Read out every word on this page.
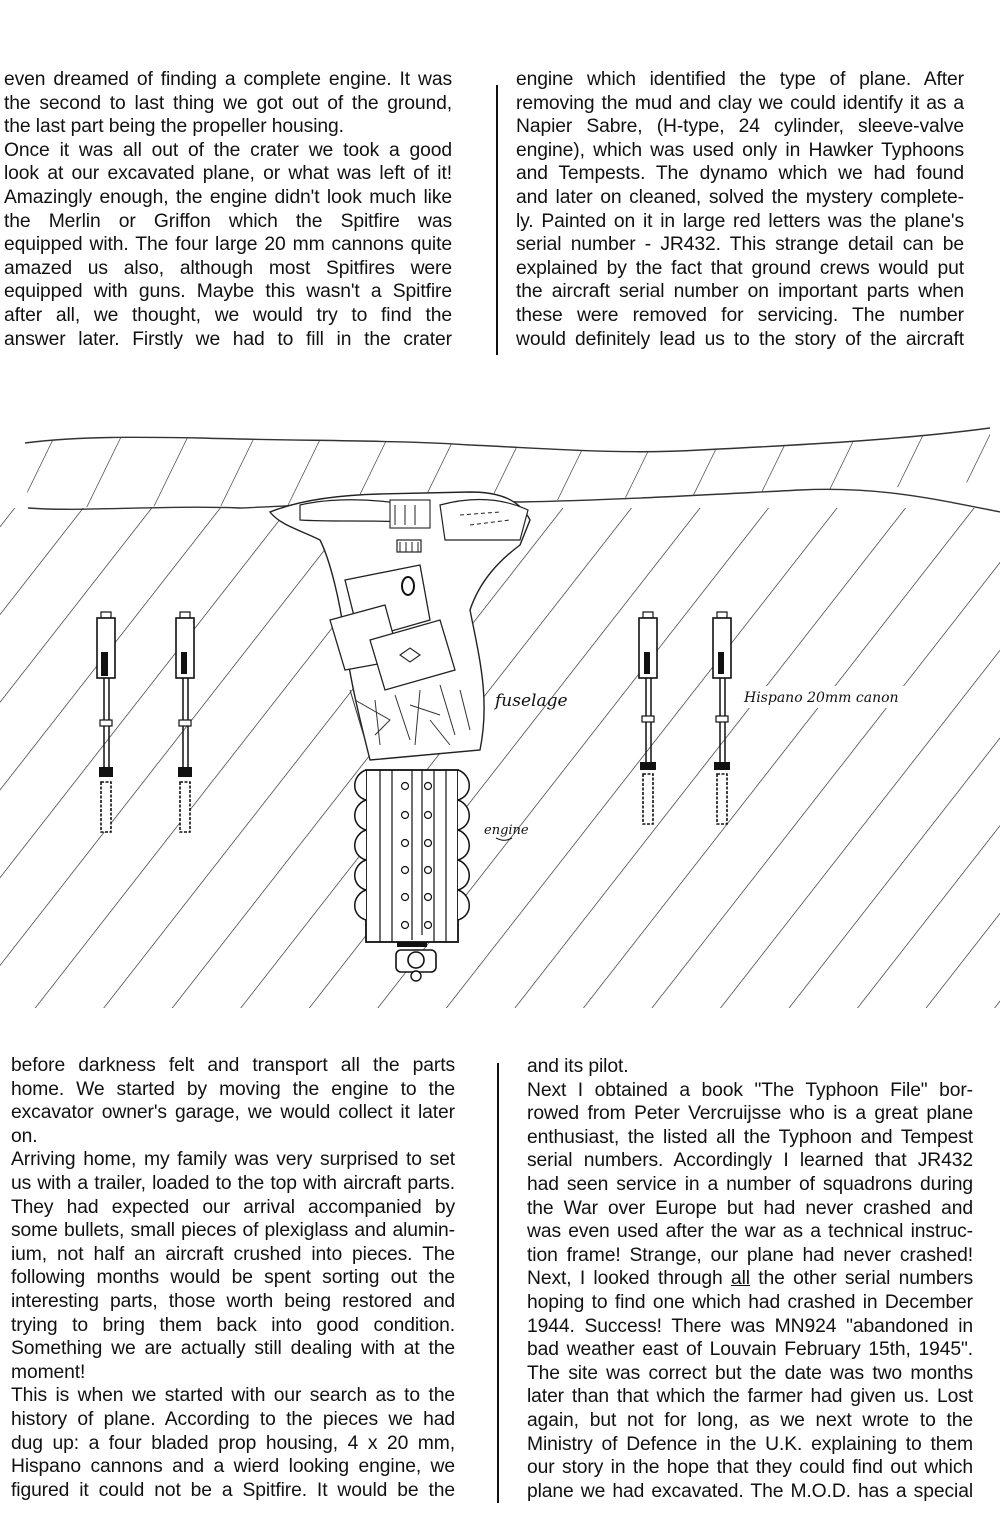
even dreamed of finding a complete engine. It was

the second to last thing we got out of the ground,

the last part being the propeller housing.

Once it was all out of the crater we took a good

look at our excavated plane, or what was left of it!

Amazingly enough, the engine didn't look much like

the Merlin or Griffon which the Spitfire was

equipped with. The four large 20 mm cannons quite

amazed us also, although most Spitfires were

equipped with guns. Maybe this wasn't a Spitfire

after all, we thought, we would try to find the

answer later. Firstly we had to fill in the crater

engine which identified the type of plane. After

removing the mud and clay we could identify it as a

Napier Sabre, (H-type, 24 cylinder, sleeve-valve

engine), which was used only in Hawker Typhoons

and Tempests. The dynamo which we had found

and later on cleaned, solved the mystery complete-

ly. Painted on it in large red letters was the plane's

serial number - JR432. This strange detail can be

explained by the fact that ground crews would put

the aircraft serial number on important parts when

these were removed for servicing. The number

would definitely lead us to the story of the aircraft

fuselage
engine
Hispano 20mm canon

before darkness felt and transport all the parts

home. We started by moving the engine to the

excavator owner's garage, we would collect it later

on.

Arriving home, my family was very surprised to set

us with a trailer, loaded to the top with aircraft parts.

They had expected our arrival accompanied by

some bullets, small pieces of plexiglass and alumin-

ium, not half an aircraft crushed into pieces. The

following months would be spent sorting out the

interesting parts, those worth being restored and

trying to bring them back into good condition.

Something we are actually still dealing with at the

moment!

This is when we started with our search as to the

history of plane. According to the pieces we had

dug up: a four bladed prop housing, 4 x 20 mm,

Hispano cannons and a wierd looking engine, we

figured it could not be a Spitfire. It would be the

and its pilot.

Next I obtained a book "The Typhoon File" bor-

rowed from Peter Vercruijsse who is a great plane

enthusiast, the listed all the Typhoon and Tempest

serial numbers. Accordingly I learned that JR432

had seen service in a number of squadrons during

the War over Europe but had never crashed and

was even used after the war as a technical instruc-

tion frame! Strange, our plane had never crashed!

Next, I looked through all the other serial numbers

hoping to find one which had crashed in December

1944. Success! There was MN924 "abandoned in

bad weather east of Louvain February 15th, 1945".

The site was correct but the date was two months

later than that which the farmer had given us. Lost

again, but not for long, as we next wrote to the

Ministry of Defence in the U.K. explaining to them

our story in the hope that they could find out which

plane we had excavated. The M.O.D. has a special
